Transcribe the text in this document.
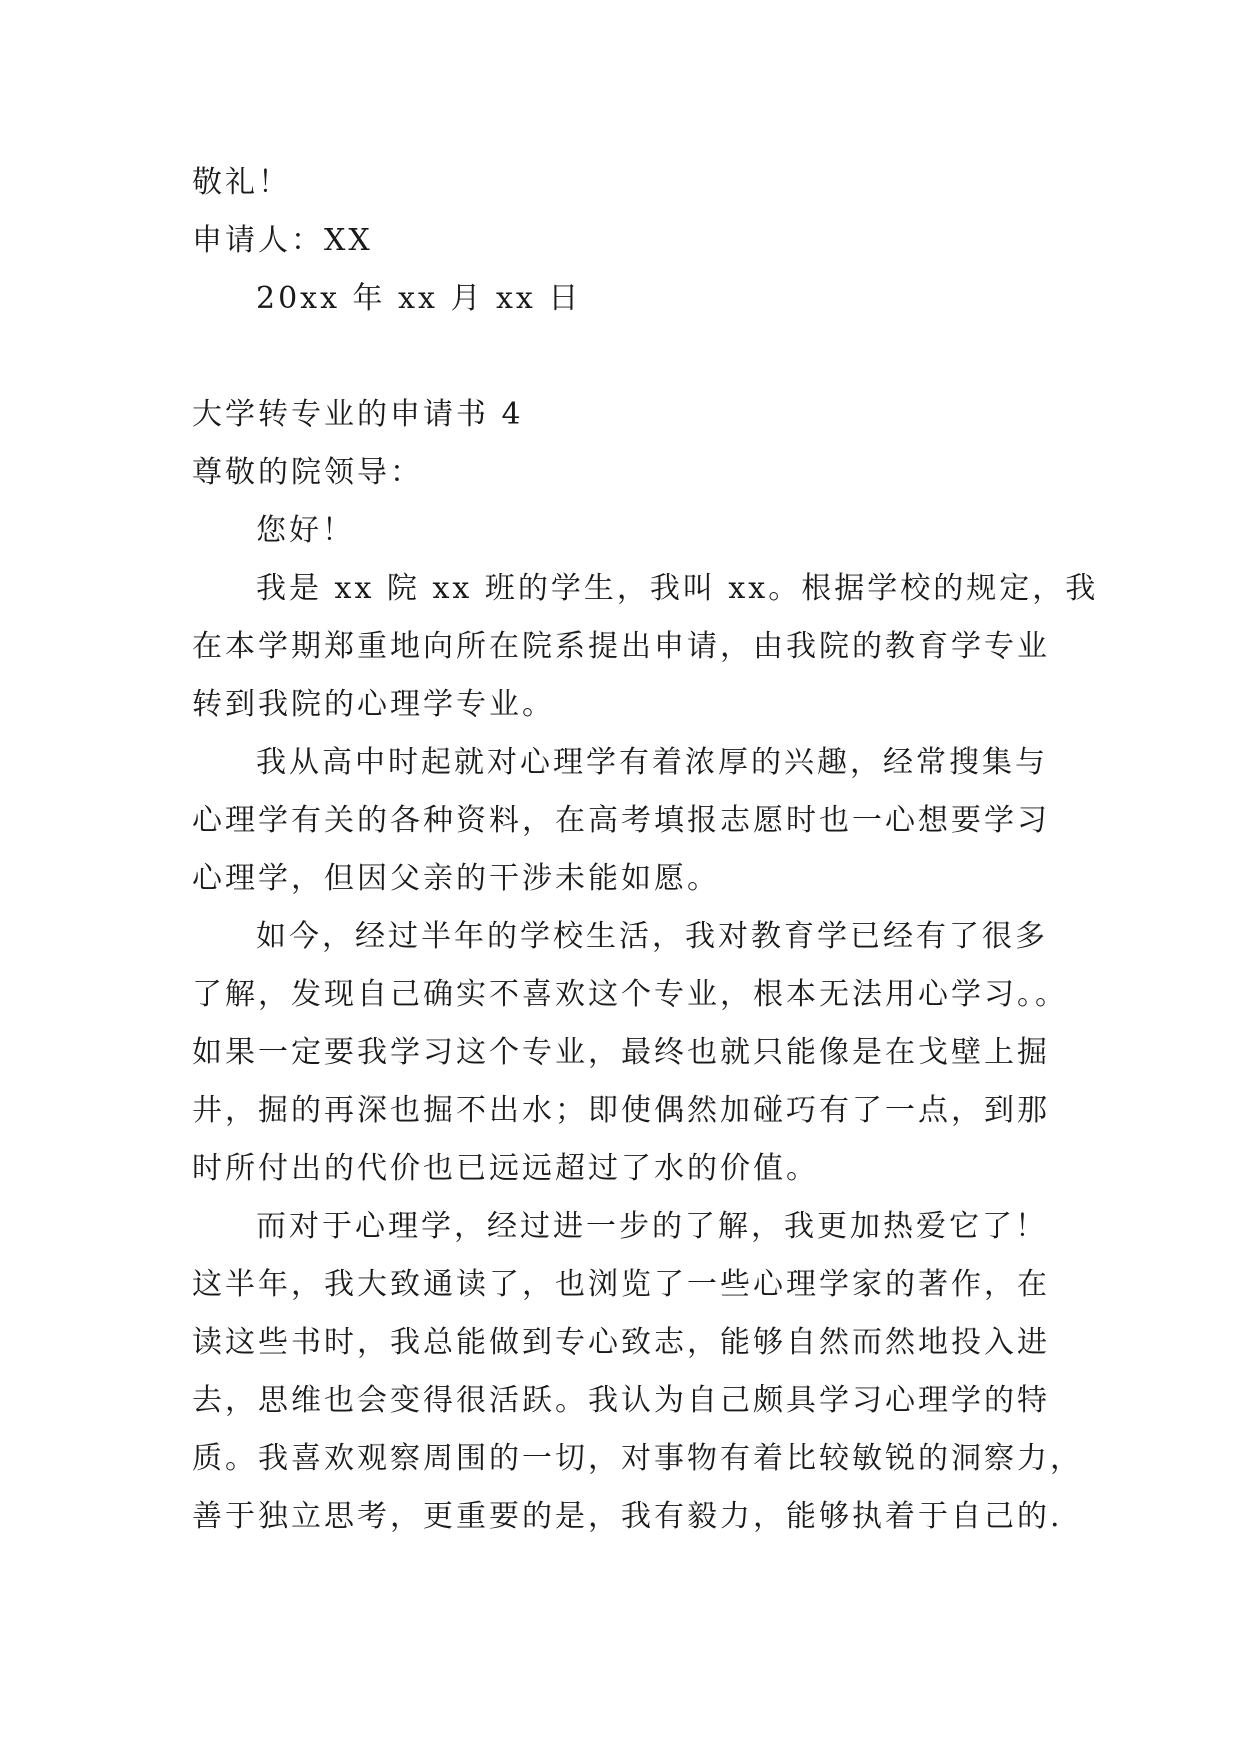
敬礼！
申请人：XX
20xx 年 xx 月 xx 日
大学转专业的申请书 4
尊敬的院领导：
您好！
我是 xx 院 xx 班的学生，我叫 xx。根据学校的规定，我
在本学期郑重地向所在院系提出申请，由我院的教育学专业
转到我院的心理学专业。
我从高中时起就对心理学有着浓厚的兴趣，经常搜集与
心理学有关的各种资料，在高考填报志愿时也一心想要学习
心理学，但因父亲的干涉未能如愿。
如今，经过半年的学校生活，我对教育学已经有了很多
了解，发现自己确实不喜欢这个专业，根本无法用心学习。。
如果一定要我学习这个专业，最终也就只能像是在戈壁上掘
井，掘的再深也掘不出水；即使偶然加碰巧有了一点，到那
时所付出的代价也已远远超过了水的价值。
而对于心理学，经过进一步的了解，我更加热爱它了！
这半年，我大致通读了，也浏览了一些心理学家的著作，在
读这些书时，我总能做到专心致志，能够自然而然地投入进
去，思维也会变得很活跃。我认为自己颇具学习心理学的特
质。我喜欢观察周围的一切，对事物有着比较敏锐的洞察力，
善于独立思考，更重要的是，我有毅力，能够执着于自己的.
